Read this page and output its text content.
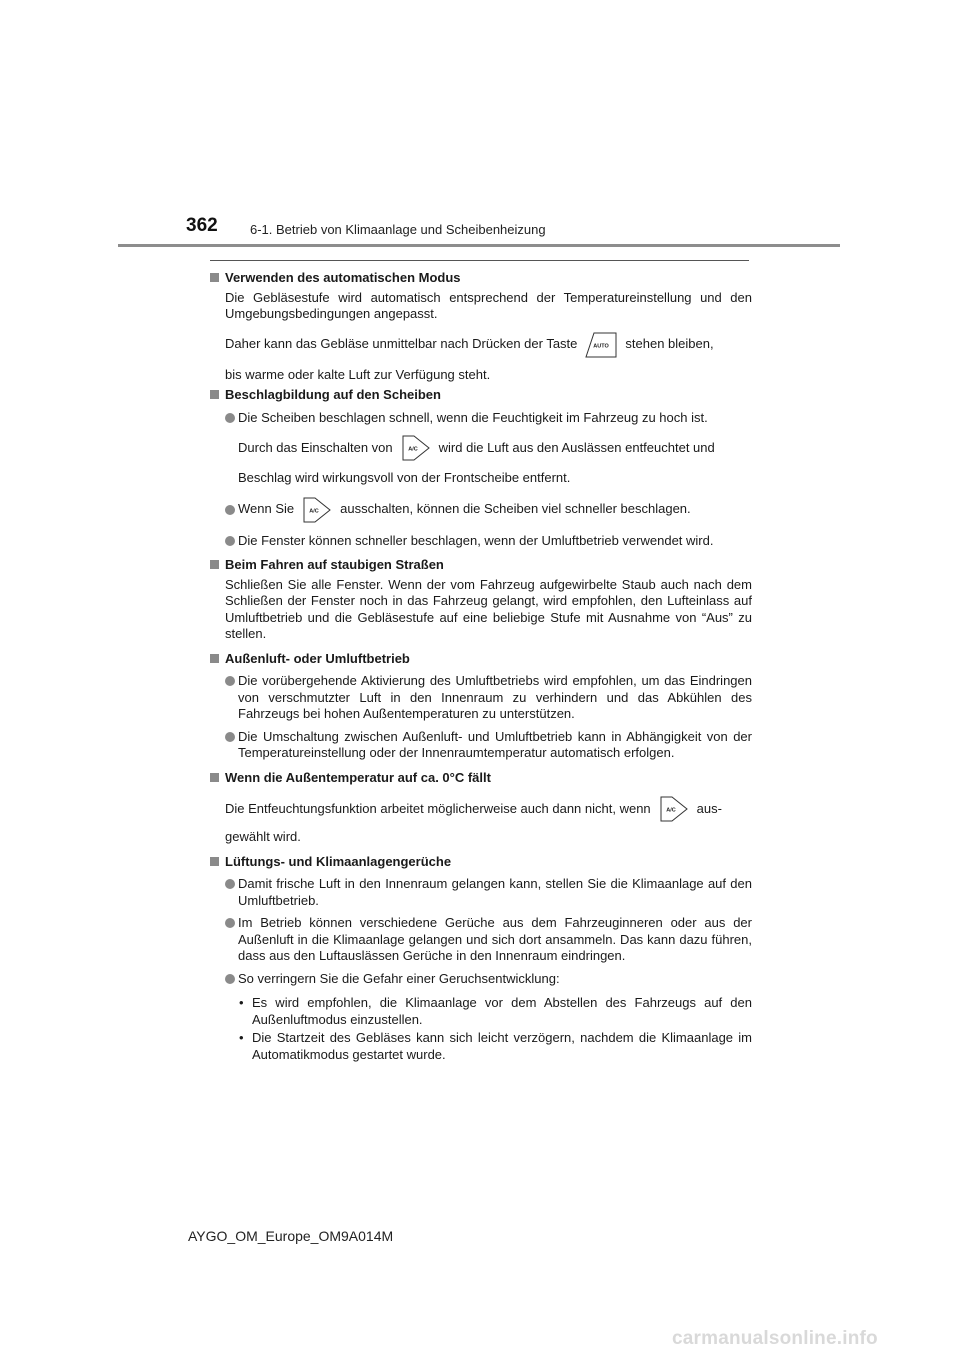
362 6-1. Betrieb von Klimaanlage und Scheibenheizung
Verwenden des automatischen Modus
Die Gebläsestufe wird automatisch entsprechend der Temperatureinstellung und den Umgebungsbedingungen angepasst.
Daher kann das Gebläse unmittelbar nach Drücken der Taste	AUTO stehen bleiben,
bis warme oder kalte Luft zur Verfügung steht.
Beschlagbildung auf den Scheiben
Die Scheiben beschlagen schnell, wenn die Feuchtigkeit im Fahrzeug zu hoch ist.
Durch das Einschalten von	A/C wird die Luft aus den Auslässen entfeuchtet und
Beschlag wird wirkungsvoll von der Frontscheibe entfernt.
Wenn Sie	A/C ausschalten, können die Scheiben viel schneller beschlagen.
Die Fenster können schneller beschlagen, wenn der Umluftbetrieb verwendet wird.
Beim Fahren auf staubigen Straßen
Schließen Sie alle Fenster. Wenn der vom Fahrzeug aufgewirbelte Staub auch nach dem Schließen der Fenster noch in das Fahrzeug gelangt, wird empfohlen, den Lufteinlass auf Umluftbetrieb und die Gebläsestufe auf eine beliebige Stufe mit Ausnahme von “Aus” zu stellen.
Außenluft- oder Umluftbetrieb
Die vorübergehende Aktivierung des Umluftbetriebs wird empfohlen, um das Eindringen von verschmutzter Luft in den Innenraum zu verhindern und das Abkühlen des Fahrzeugs bei hohen Außentemperaturen zu unterstützen.
Die Umschaltung zwischen Außenluft- und Umluftbetrieb kann in Abhängigkeit von der Temperatureinstellung oder der Innenraumtemperatur automatisch erfolgen.
Wenn die Außentemperatur auf ca. 0°C fällt
Die Entfeuchtungsfunktion arbeitet möglicherweise auch dann nicht, wenn	A/C aus-
gewählt wird.
Lüftungs- und Klimaanlagengerüche
Damit frische Luft in den Innenraum gelangen kann, stellen Sie die Klimaanlage auf den Umluftbetrieb.
Im Betrieb können verschiedene Gerüche aus dem Fahrzeuginneren oder aus der Außenluft in die Klimaanlage gelangen und sich dort ansammeln. Das kann dazu führen, dass aus den Luftauslässen Gerüche in den Innenraum eindringen.
So verringern Sie die Gefahr einer Geruchsentwicklung:
• Es wird empfohlen, die Klimaanlage vor dem Abstellen des Fahrzeugs auf den Außenluftmodus einzustellen.
• Die Startzeit des Gebläses kann sich leicht verzögern, nachdem die Klimaanlage im Automatikmodus gestartet wurde.
AYGO_OM_Europe_OM9A014M
carmanualsonline.info
